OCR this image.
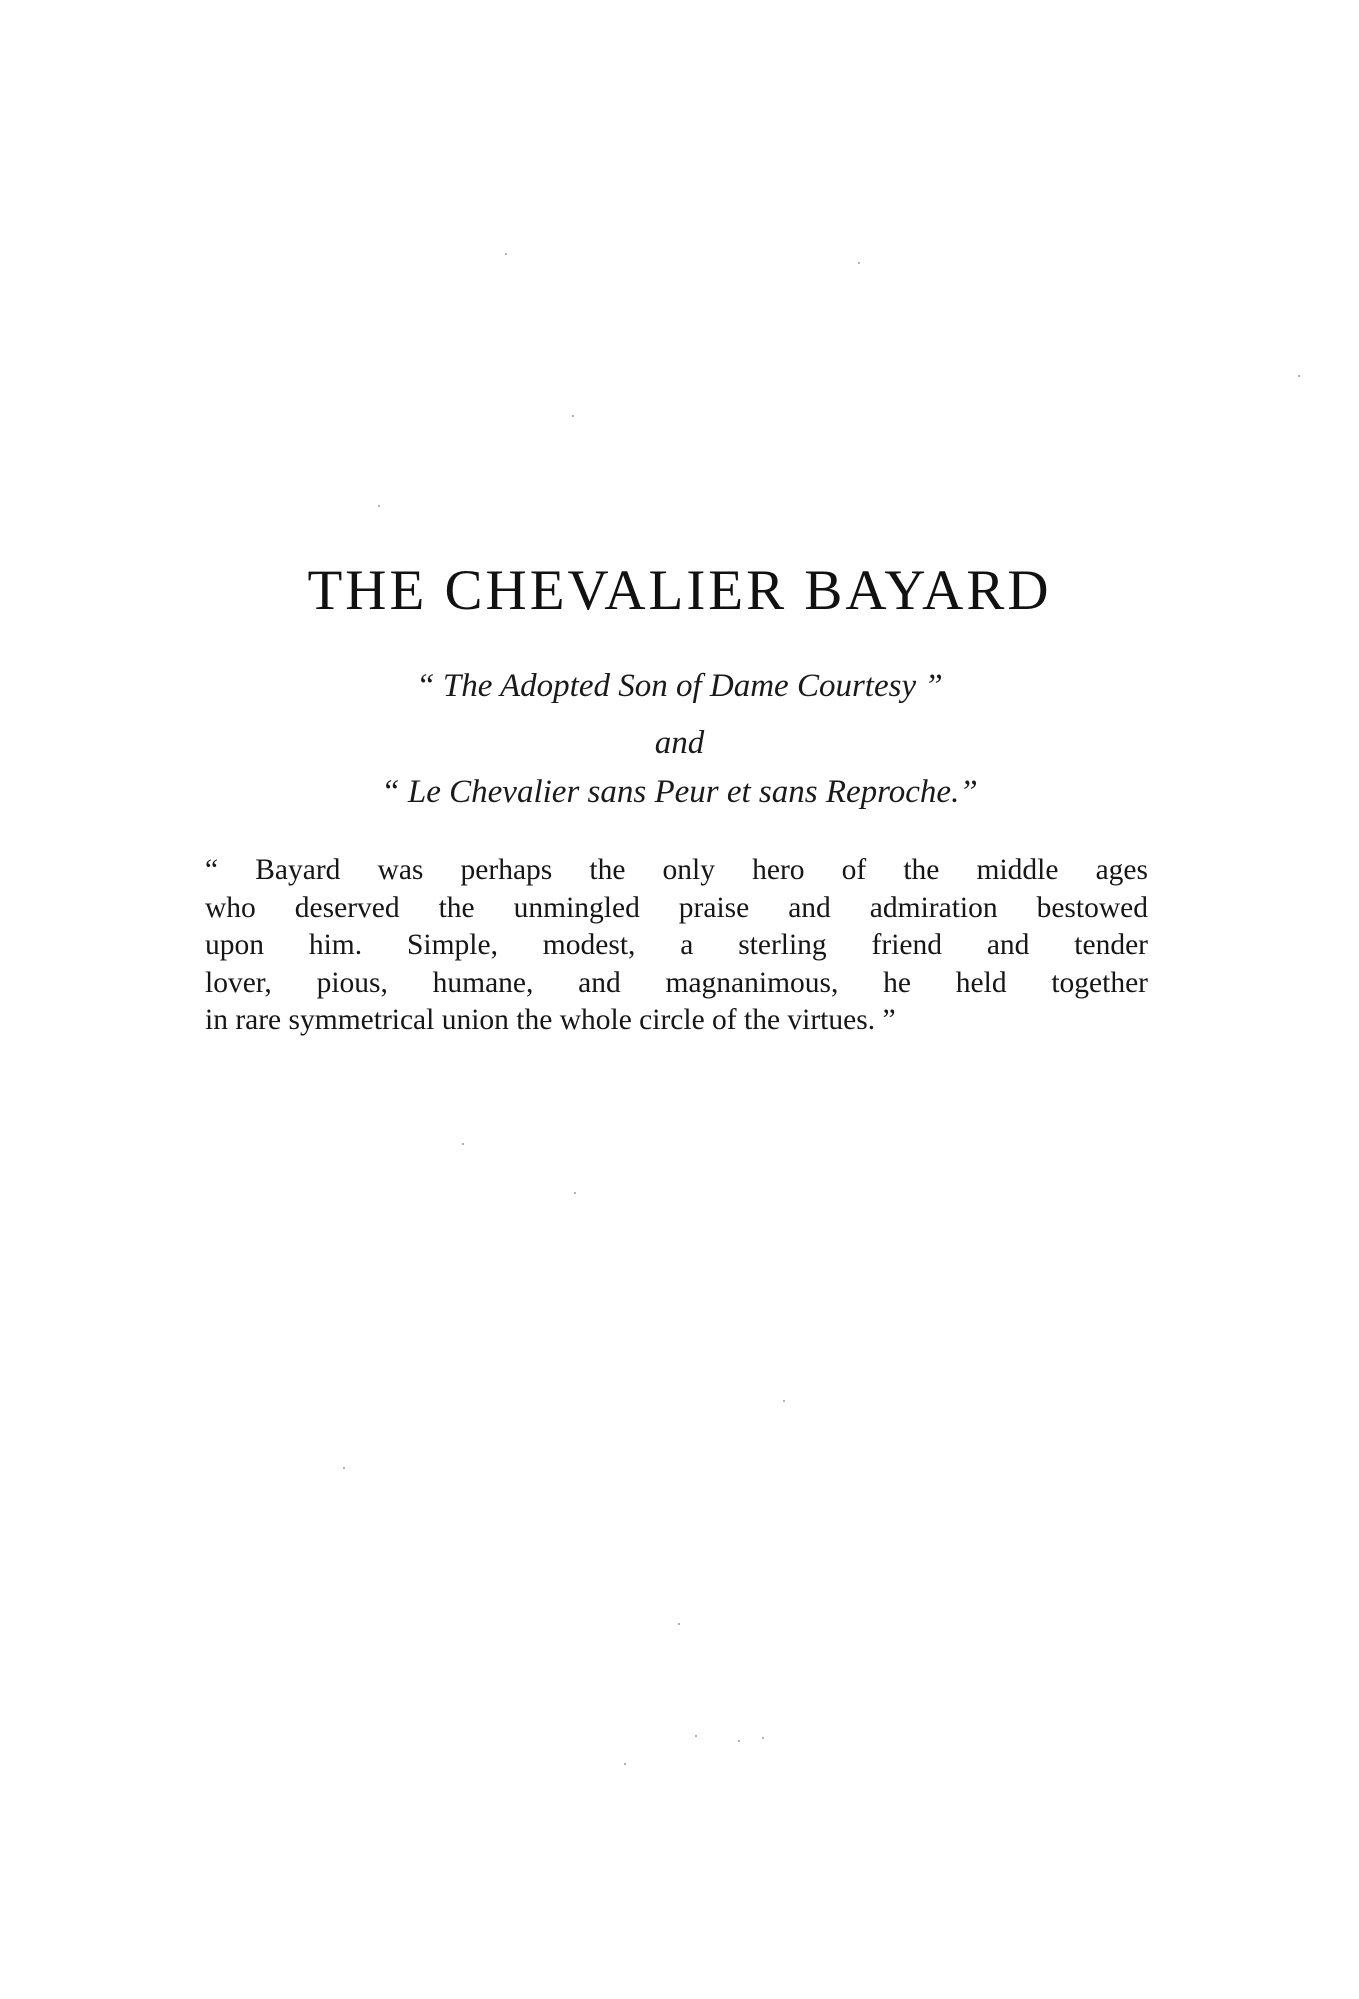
THE CHEVALIER BAYARD

“ The Adopted Son of Dame Courtesy ”

and

“ Le Chevalier sans Peur et sans Reproche.”

“ Bayard was perhaps the only hero of the middle ages
who deserved the unmingled praise and admiration bestowed
upon him. Simple, modest, a sterling friend and tender
lover, pious, humane, and magnanimous, he held together
in rare symmetrical union the whole circle of the virtues. ”
